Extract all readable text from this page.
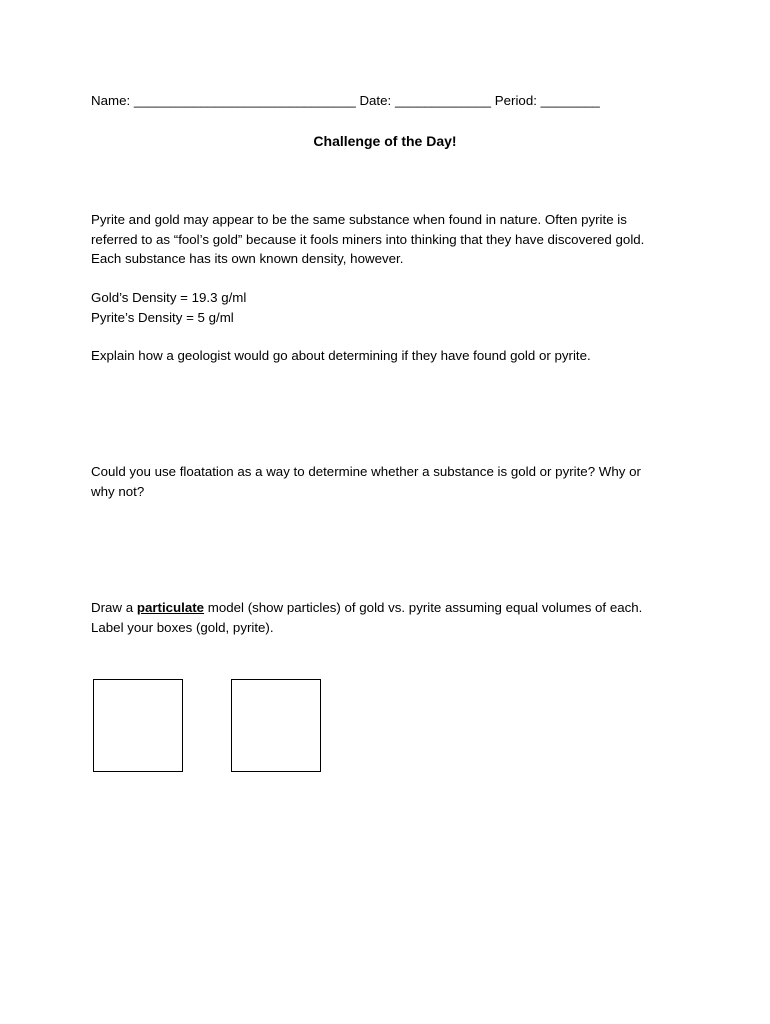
Name: ______________________________ Date: _____________ Period: ________
Challenge of the Day!
Pyrite and gold may appear to be the same substance when found in nature. Often pyrite is
referred to as “fool’s gold” because it fools miners into thinking that they have discovered gold.
Each substance has its own known density, however.
Gold’s Density = 19.3 g/ml
Pyrite’s Density = 5 g/ml
Explain how a geologist would go about determining if they have found gold or pyrite.
Could you use floatation as a way to determine whether a substance is gold or pyrite? Why or
why not?
Draw a particulate model (show particles) of gold vs. pyrite assuming equal volumes of each.
Label your boxes (gold, pyrite).
